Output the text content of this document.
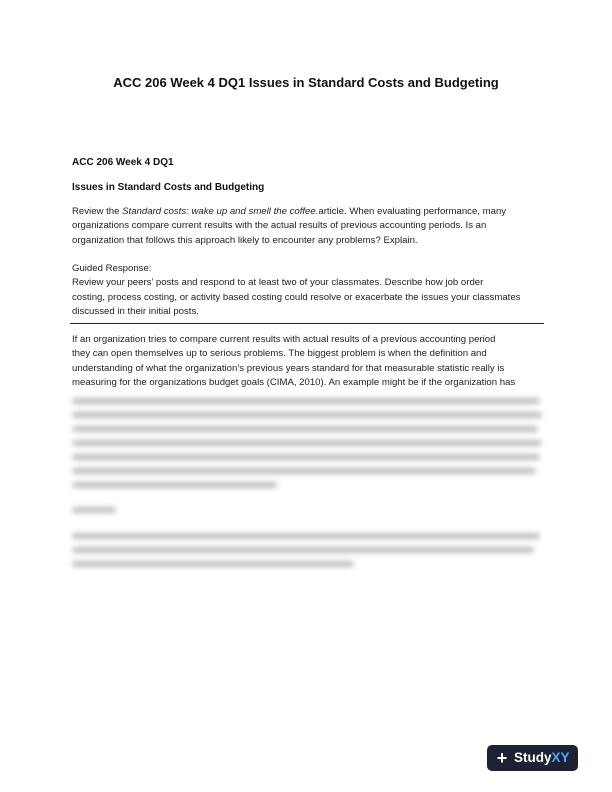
ACC 206 Week 4 DQ1 Issues in Standard Costs and Budgeting
ACC 206 Week 4 DQ1
Issues in Standard Costs and Budgeting
Review the Standard costs: wake up and smell the coffee.article. When evaluating performance, many
organizations compare current results with the actual results of previous accounting periods. Is an
organization that follows this approach likely to encounter any problems? Explain.
Guided Response:
Review your peers’ posts and respond to at least two of your classmates. Describe how job order
costing, process costing, or activity based costing could resolve or exacerbate the issues your classmates
discussed in their initial posts.
If an organization tries to compare current results with actual results of a previous accounting period
they can open themselves up to serious problems. The biggest problem is when the definition and
understanding of what the organization’s previous years standard for that measurable statistic really is
measuring for the organizations budget goals (CIMA, 2010). An example might be if the organization has
+ StudyXY
